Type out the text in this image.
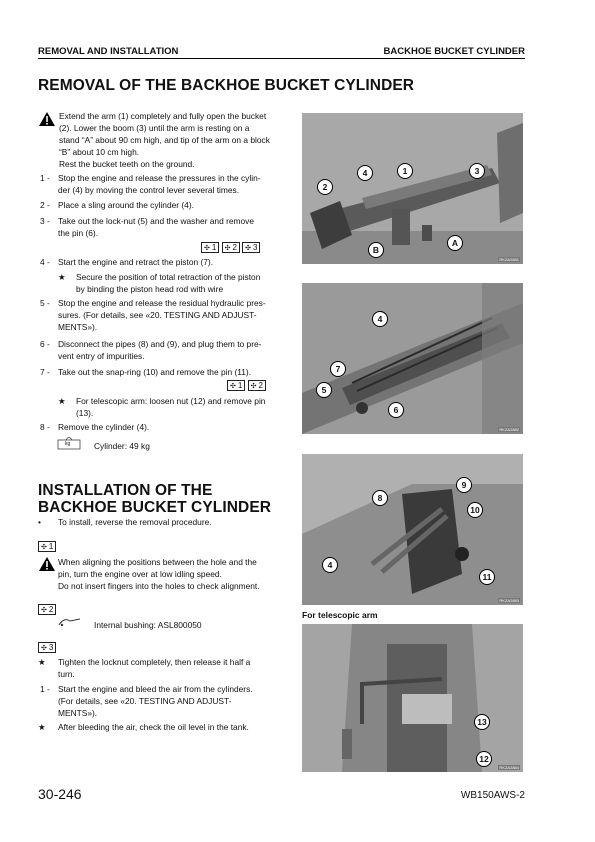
REMOVAL AND INSTALLATION	BACKHOE BUCKET CYLINDER
REMOVAL OF THE BACKHOE BUCKET CYLINDER
Extend the arm (1) completely and fully open the bucket
(2). Lower the boom (3) until the arm is resting on a
stand “A” about 90 cm high, and tip of the arm on a block
“B” about 10 cm high.
Rest the bucket teeth on the ground.
1 - Stop the engine and release the pressures in the cylin-
der (4) by moving the control lever several times.
2 - Place a sling around the cylinder (4).
3 - Take out the lock-nut (5) and the washer and remove
the pin (6).
✣ 1 ✣ 2 ✣ 3
4 - Start the engine and retract the piston (7).
★ Secure the position of total retraction of the piston
by binding the piston head rod with wire
5 - Stop the engine and release the residual hydraulic pres-
sures. (For details, see «20. TESTING AND ADJUST-
MENTS»).
6 - Disconnect the pipes (8) and (9), and plug them to pre-
vent entry of impurities.
7 - Take out the snap-ring (10) and remove the pin (11).
✣ 1 ✣ 2
★ For telescopic arm: loosen nut (12) and remove pin
(13).
8 - Remove the cylinder (4).
kg	Cylinder: 49 kg
INSTALLATION OF THE
BACKHOE BUCKET CYLINDER
• To install, reverse the removal procedure.
✣ 1
When aligning the positions between the hole and the
pin, turn the engine over at low idling speed.
Do not insert fingers into the holes to check alignment.
✣ 2
Internal bushing: ASL800050
✣ 3
★ Tighten the locknut completely, then release it half a
turn.
1 - Start the engine and bleed the air from the cylinders.
(For details, see «20. TESTING AND ADJUST-
MENTS»).
★ After bleeding the air, check the oil level in the tank.
2
4	1	3
B
A
RKZA2881
4
7
5
6
RKZA2882
9
8
10
4
11
RKZA2883
For telescopic arm
13
12
RKZA2884
30-246	WB150AWS-2
